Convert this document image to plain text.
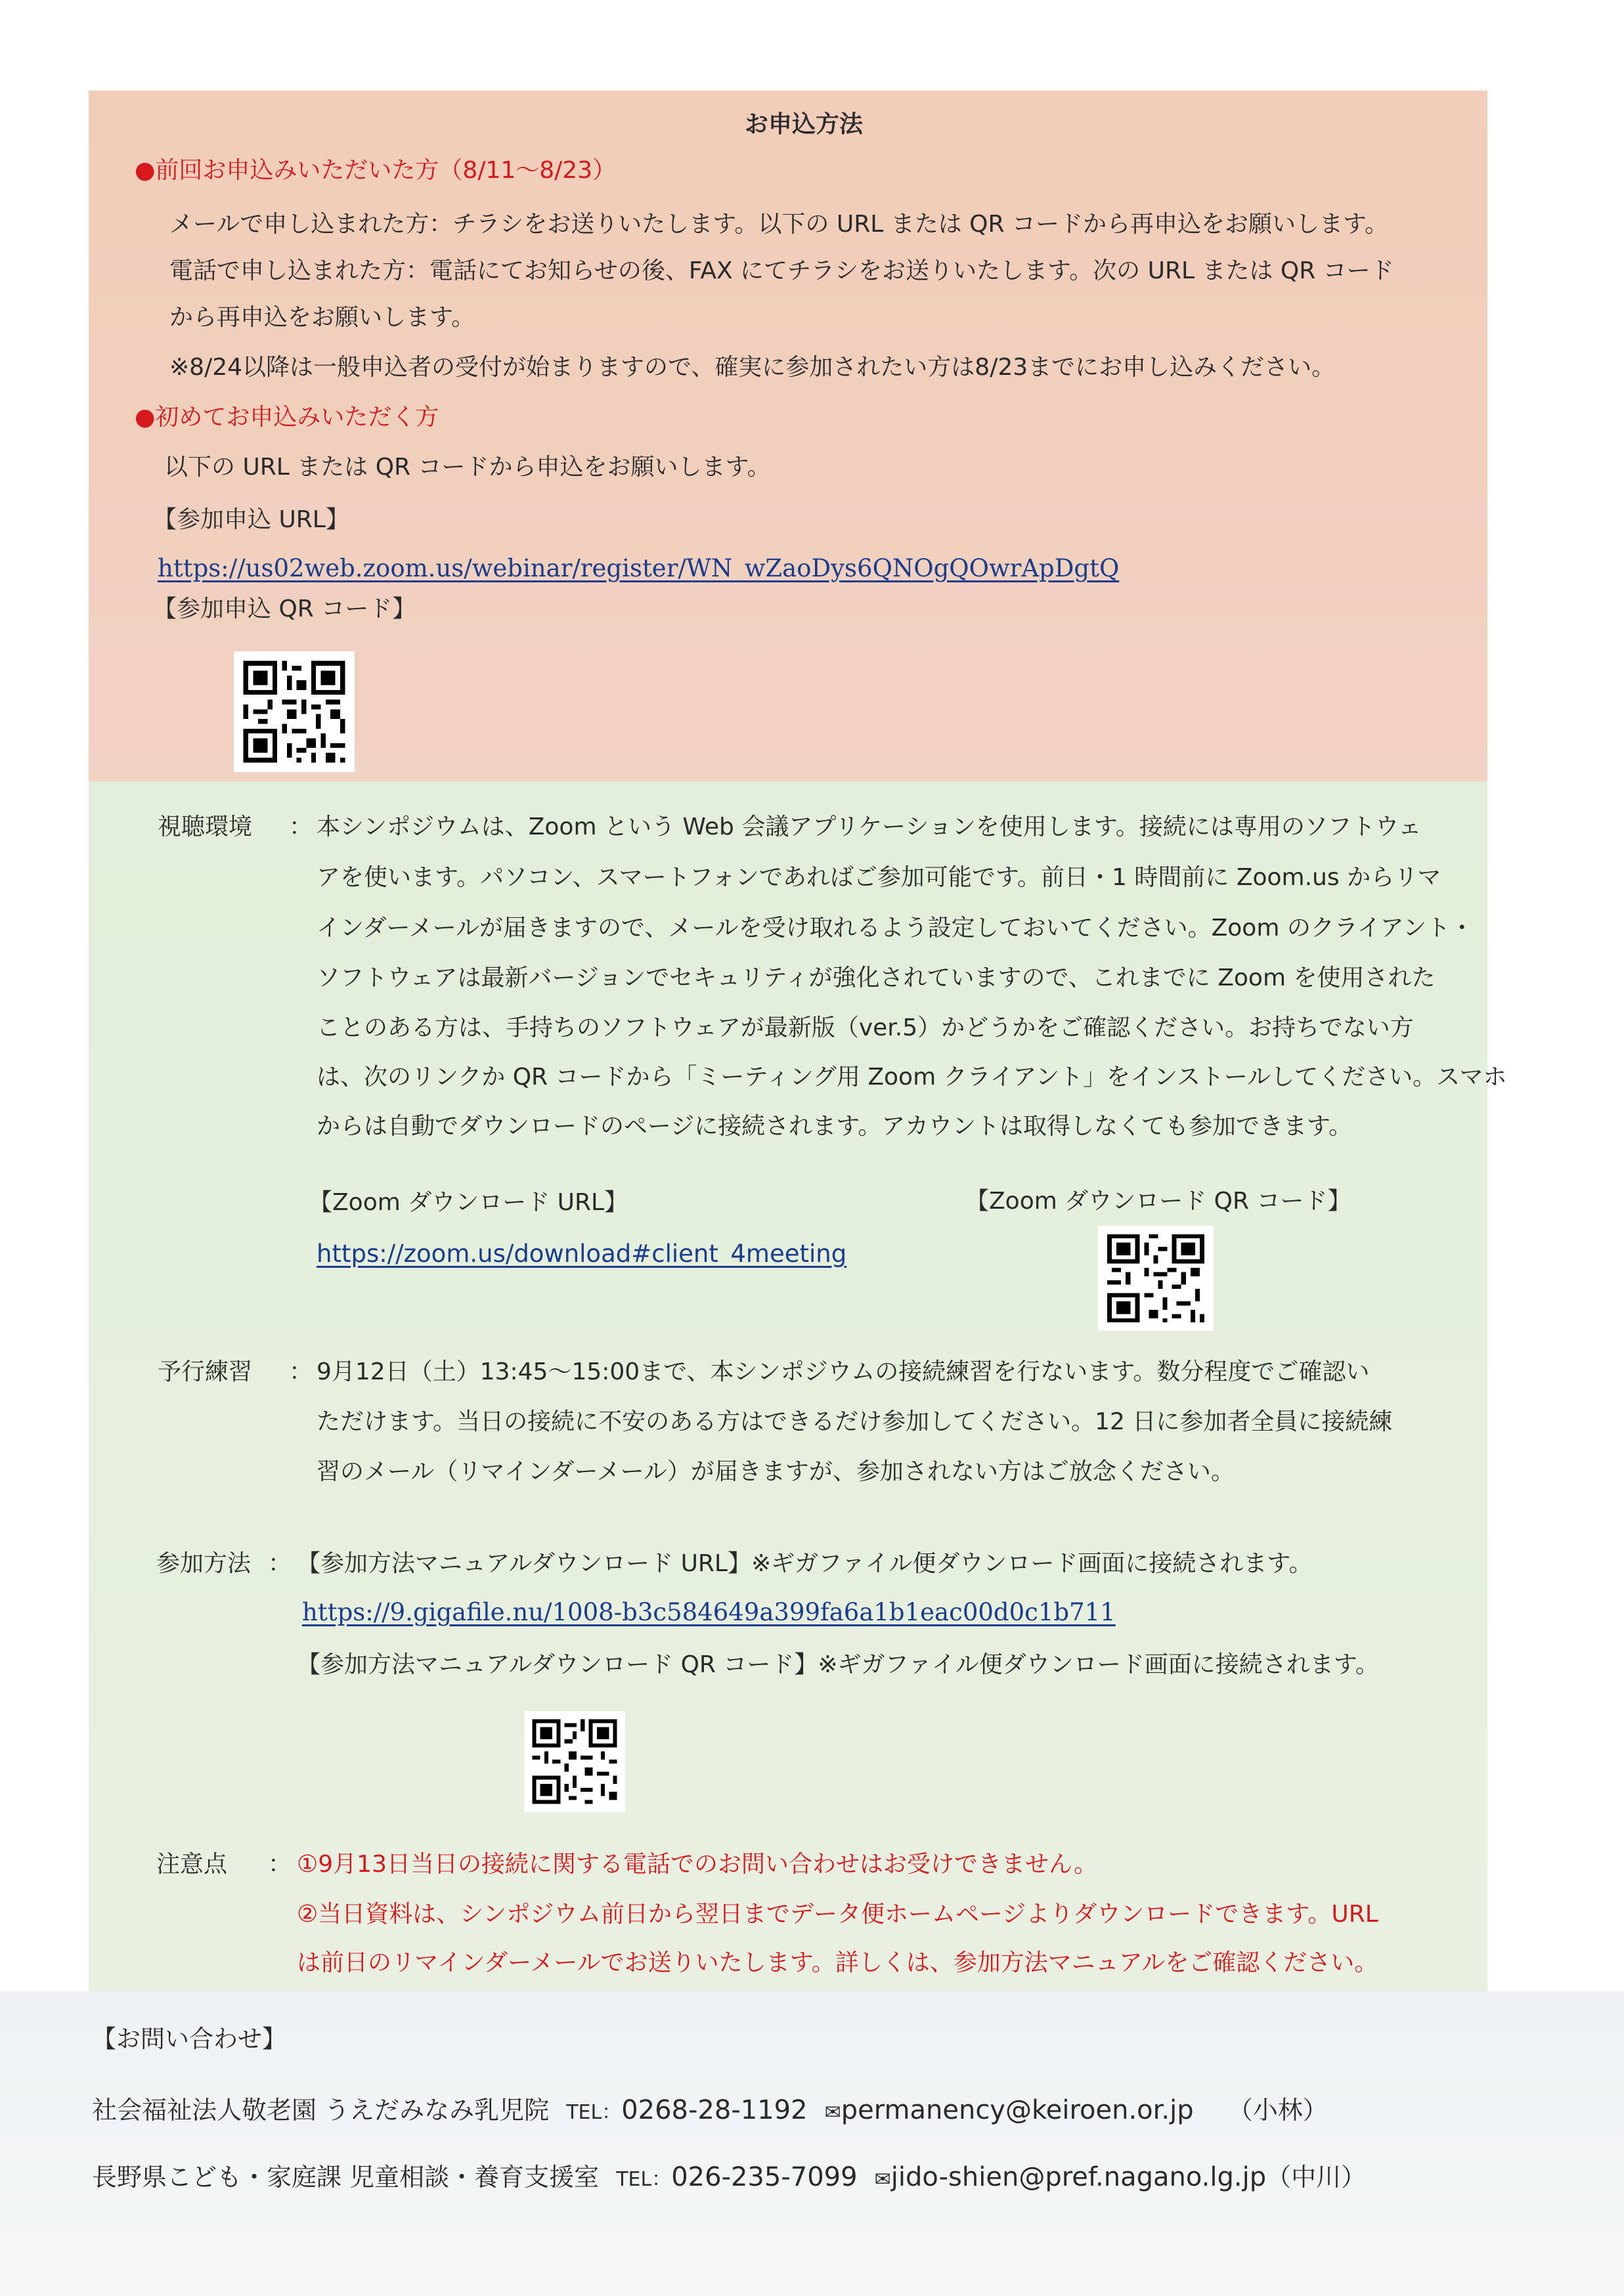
お申込方法
●前回お申込みいただいた方（8/11～8/23）
メールで申し込まれた方：チラシをお送りいたします。以下の URL または QR コードから再申込をお願いします。
電話で申し込まれた方：電話にてお知らせの後、FAX にてチラシをお送りいたします。次の URL または QR コード
から再申込をお願いします。
※8/24以降は一般申込者の受付が始まりますので、確実に参加されたい方は8/23までにお申し込みください。
●初めてお申込みいただく方
以下の URL または QR コードから申込をお願いします。
【参加申込 URL】
https://us02web.zoom.us/webinar/register/WN_wZaoDys6QNOgQOwrApDgtQ
【参加申込 QR コード】
視聴環境 ： 本シンポジウムは、Zoom という Web 会議アプリケーションを使用します。接続には専用のソフトウェ
アを使います。パソコン、スマートフォンであればご参加可能です。前日・1 時間前に Zoom.us からリマ
インダーメールが届きますので、メールを受け取れるよう設定しておいてください。Zoom のクライアント・
ソフトウェアは最新バージョンでセキュリティが強化されていますので、これまでに Zoom を使用された
ことのある方は、手持ちのソフトウェアが最新版（ver.5）かどうかをご確認ください。お持ちでない方
は、次のリンクか QR コードから「ミーティング用 Zoom クライアント」をインストールしてください。スマホ
からは自動でダウンロードのページに接続されます。アカウントは取得しなくても参加できます。
【Zoom ダウンロード URL】
https://zoom.us/download#client_4meeting
【Zoom ダウンロード QR コード】
予行練習 ： 9月12日（土）13:45～15:00まで、本シンポジウムの接続練習を行ないます。数分程度でご確認い
ただけます。当日の接続に不安のある方はできるだけ参加してください。12 日に参加者全員に接続練
習のメール（リマインダーメール）が届きますが、参加されない方はご放念ください。
参加方法 ： 【参加方法マニュアルダウンロード URL】※ギガファイル便ダウンロード画面に接続されます。
https://9.gigafile.nu/1008-b3c584649a399fa6a1b1eac00d0c1b711
【参加方法マニュアルダウンロード QR コード】※ギガファイル便ダウンロード画面に接続されます。
注意点 ： ①9月13日当日の接続に関する電話でのお問い合わせはお受けできません。
②当日資料は、シンポジウム前日から翌日までデータ便ホームページよりダウンロードできます。URL
は前日のリマインダーメールでお送りいたします。詳しくは、参加方法マニュアルをご確認ください。
【お問い合わせ】
社会福祉法人敬老園 うえだみなみ乳児院 TEL：0268-28-1192 ✉permanency@keiroen.or.jp （小林）
長野県こども・家庭課 児童相談・養育支援室 TEL：026-235-7099 ✉jido-shien@pref.nagano.lg.jp（中川）
